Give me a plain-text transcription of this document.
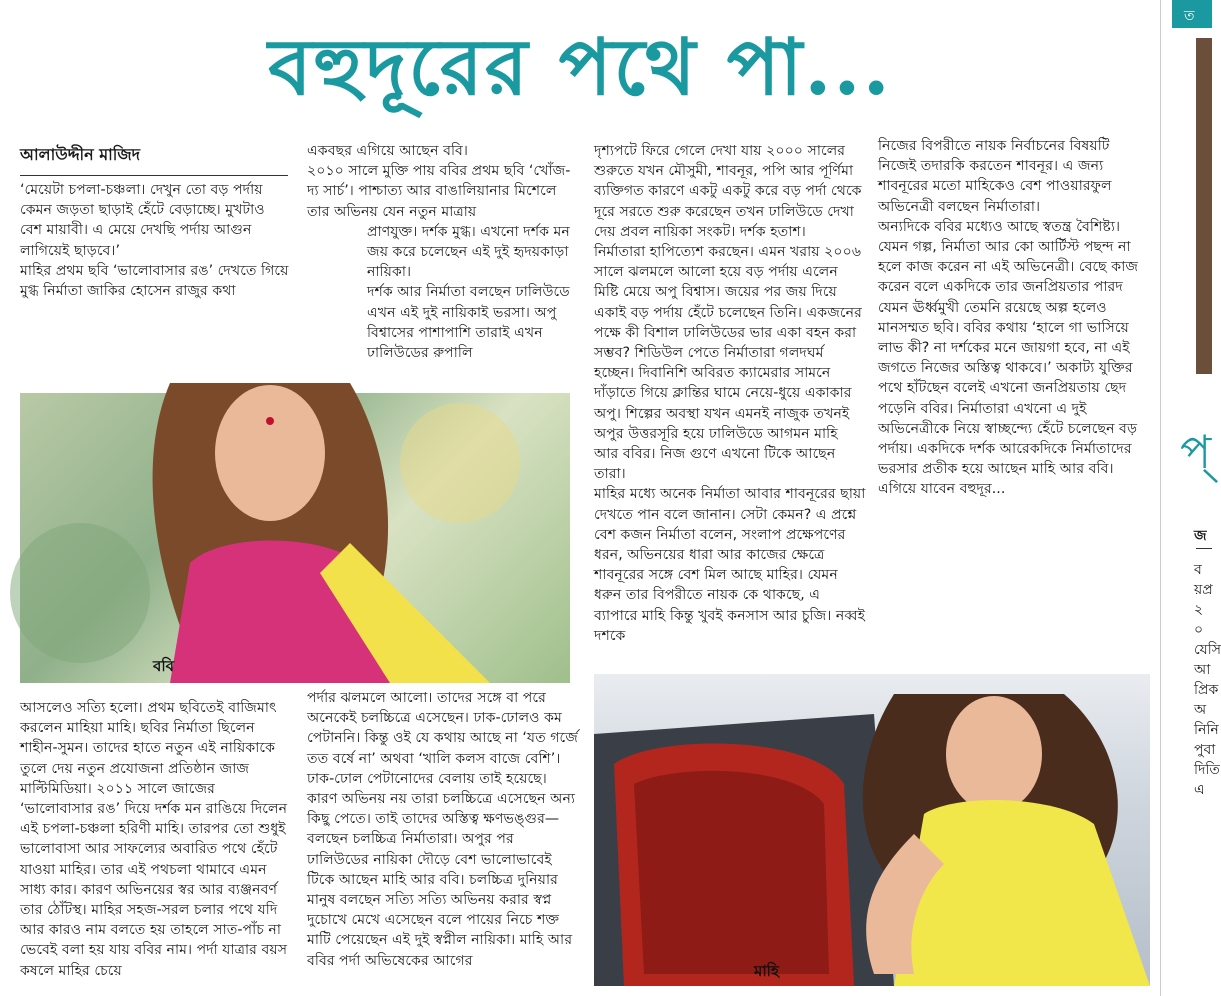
বহুদূরের পথে পা...
আলাউদ্দীন মাজিদ

‘মেয়েটা চপলা-চঞ্চলা। দেখুন তো বড় পর্দায় কেমন জড়তা ছাড়াই হেঁটে বেড়াচ্ছে। মুখটাও বেশ মায়াবী। এ মেয়ে দেখছি পর্দায় আগুন লাগিয়েই ছাড়বে।’

মাহির প্রথম ছবি ‘ভালোবাসার রঙ’ দেখতে গিয়ে মুগ্ধ নির্মাতা জাকির হোসেন রাজুর কথা

একবছর এগিয়ে আছেন ববি।

২০১০ সালে মুক্তি পায় ববির প্রথম ছবি ‘খোঁজ- দ্য সার্চ’। পাশ্চাত্য আর বাঙালিয়ানার মিশেলে তার অভিনয় যেন নতুন মাত্রায়

প্রাণযুক্ত। দর্শক মুগ্ধ। এখনো দর্শক মন জয় করে চলেছেন এই দুই হৃদয়কাড়া নায়িকা।

দর্শক আর নির্মাতা বলছেন ঢালিউডে এখন এই দুই নায়িকাই ভরসা। অপু বিশ্বাসের পাশাপাশি তারাই এখন ঢালিউডের রুপালি

দৃশ্যপটে ফিরে গেলে দেখা যায় ২০০০ সালের শুরুতে যখন মৌসুমী, শাবনূর, পপি আর পূর্ণিমা ব্যক্তিগত কারণে একটু একটু করে বড় পর্দা থেকে দূরে সরতে শুরু করেছেন তখন ঢালিউডে দেখা দেয় প্রবল নায়িকা সংকট। দর্শক হতাশ।

নির্মাতারা হাপিত্যেশ করছেন। এমন খরায় ২০০৬ সালে ঝলমলে আলো হয়ে বড় পর্দায় এলেন মিষ্টি মেয়ে অপু বিশ্বাস। জয়ের পর জয় দিয়ে একাই বড় পর্দায় হেঁটে চলেছেন তিনি। একজনের পক্ষে কী বিশাল ঢালিউডের ভার একা বহন করা সম্ভব? শিডিউল পেতে নির্মাতারা গলদঘর্ম হচ্ছেন। দিবানিশি অবিরত ক্যামেরার সামনে দাঁড়াতে গিয়ে ক্লান্তির ঘামে নেয়ে-ধুয়ে একাকার অপু। শিল্পের অবস্থা যখন এমনই নাজুক তখনই অপুর উত্তরসূরি হয়ে ঢালিউডে আগমন মাহি আর ববির। নিজ গুণে এখনো টিকে আছেন তারা।

মাহির মধ্যে অনেক নির্মাতা আবার শাবনূরের ছায়া দেখতে পান বলে জানান। সেটা কেমন? এ প্রশ্নে বেশ কজন নির্মাতা বলেন, সংলাপ প্রক্ষেপণের ধরন, অভিনয়ের ধারা আর কাজের ক্ষেত্রে শাবনূরের সঙ্গে বেশ মিল আছে মাহির। যেমন ধরুন তার বিপরীতে নায়ক কে থাকছে, এ ব্যাপারে মাহি কিন্তু খুবই কনসাস আর চুজি। নব্বই দশকে

নিজের বিপরীতে নায়ক নির্বাচনের বিষয়টি নিজেই তদারকি করতেন শাবনূর। এ জন্য শাবনূরের মতো মাহিকেও বেশ পাওয়ারফুল অভিনেত্রী বলছেন নির্মাতারা।

অন্যদিকে ববির মধ্যেও আছে স্বতন্ত্র বৈশিষ্ট্য। যেমন গল্প, নির্মাতা আর কো আর্টিস্ট পছন্দ না হলে কাজ করেন না এই অভিনেত্রী। বেছে কাজ করেন বলে একদিকে তার জনপ্রিয়তার পারদ যেমন ঊর্ধ্বমুখী তেমনি রয়েছে অল্প হলেও মানসম্মত ছবি। ববির কথায় ‘হালে গা ভাসিয়ে লাভ কী? না দর্শকের মনে জায়গা হবে, না এই জগতে নিজের অস্তিত্ব থাকবে।’ অকাট্য যুক্তির পথে হাঁটছেন বলেই এখনো জনপ্রিয়তায় ছেদ পড়েনি ববির। নির্মাতারা এখনো এ দুই অভিনেত্রীকে নিয়ে স্বাচ্ছন্দ্যে হেঁটে চলেছেন বড় পর্দায়। একদিকে দর্শক আরেকদিকে নির্মাতাদের ভরসার প্রতীক হয়ে আছেন মাহি আর ববি। এগিয়ে যাবেন বহুদূর...

ববি

আসলেও সত্যি হলো। প্রথম ছবিতেই বাজিমাৎ করলেন মাহিয়া মাহি। ছবির নির্মাতা ছিলেন শাহীন-সুমন। তাদের হাতে নতুন এই নায়িকাকে তুলে দেয় নতুন প্রযোজনা প্রতিষ্ঠান জাজ মাল্টিমিডিয়া। ২০১১ সালে জাজের ‘ভালোবাসার রঙ’ দিয়ে দর্শক মন রাঙিয়ে দিলেন এই চপলা-চঞ্চলা হরিণী মাহি। তারপর তো শুধুই ভালোবাসা আর সাফল্যের অবারিত পথে হেঁটে যাওয়া মাহির। তার এই পথচলা থামাবে এমন সাধ্য কার। কারণ অভিনয়ের স্বর আর ব্যঞ্জনবর্ণ তার ঠোঁটস্থ। মাহির সহজ-সরল চলার পথে যদি আর কারও নাম বলতে হয় তাহলে সাত-পাঁচ না ভেবেই বলা হয় যায় ববির নাম। পর্দা যাত্রার বয়স কষলে মাহির চেয়ে

পর্দার ঝলমলে আলো। তাদের সঙ্গে বা পরে অনেকেই চলচ্চিত্রে এসেছেন। ঢাক-ঢোলও কম পেটাননি। কিন্তু ওই যে কথায় আছে না ‘যত গর্জে তত বর্ষে না’ অথবা ‘খালি কলস বাজে বেশি’। ঢাক-ঢোল পেটানোদের বেলায় তাই হয়েছে। কারণ অভিনয় নয় তারা চলচ্চিত্রে এসেছেন অন্য কিছু পেতে। তাই তাদের অস্তিত্ব ক্ষণভঙ্গুর— বলছেন চলচ্চিত্র নির্মাতারা। অপুর পর ঢালিউডের নায়িকা দৌড়ে বেশ ভালোভাবেই টিকে আছেন মাহি আর ববি। চলচ্চিত্র দুনিয়ার মানুষ বলছেন সত্যি সত্যি অভিনয় করার স্বপ্ন দুচোখে মেখে এসেছেন বলে পায়ের নিচে শক্ত মাটি পেয়েছেন এই দুই স্বপ্নীল নায়িকা। মাহি আর ববির পর্দা অভিষেকের আগের

মাহি
ত
প্
জ
বয়প্র২০যেসিআপ্রিকঅনিনিপুবাদিতিএ
